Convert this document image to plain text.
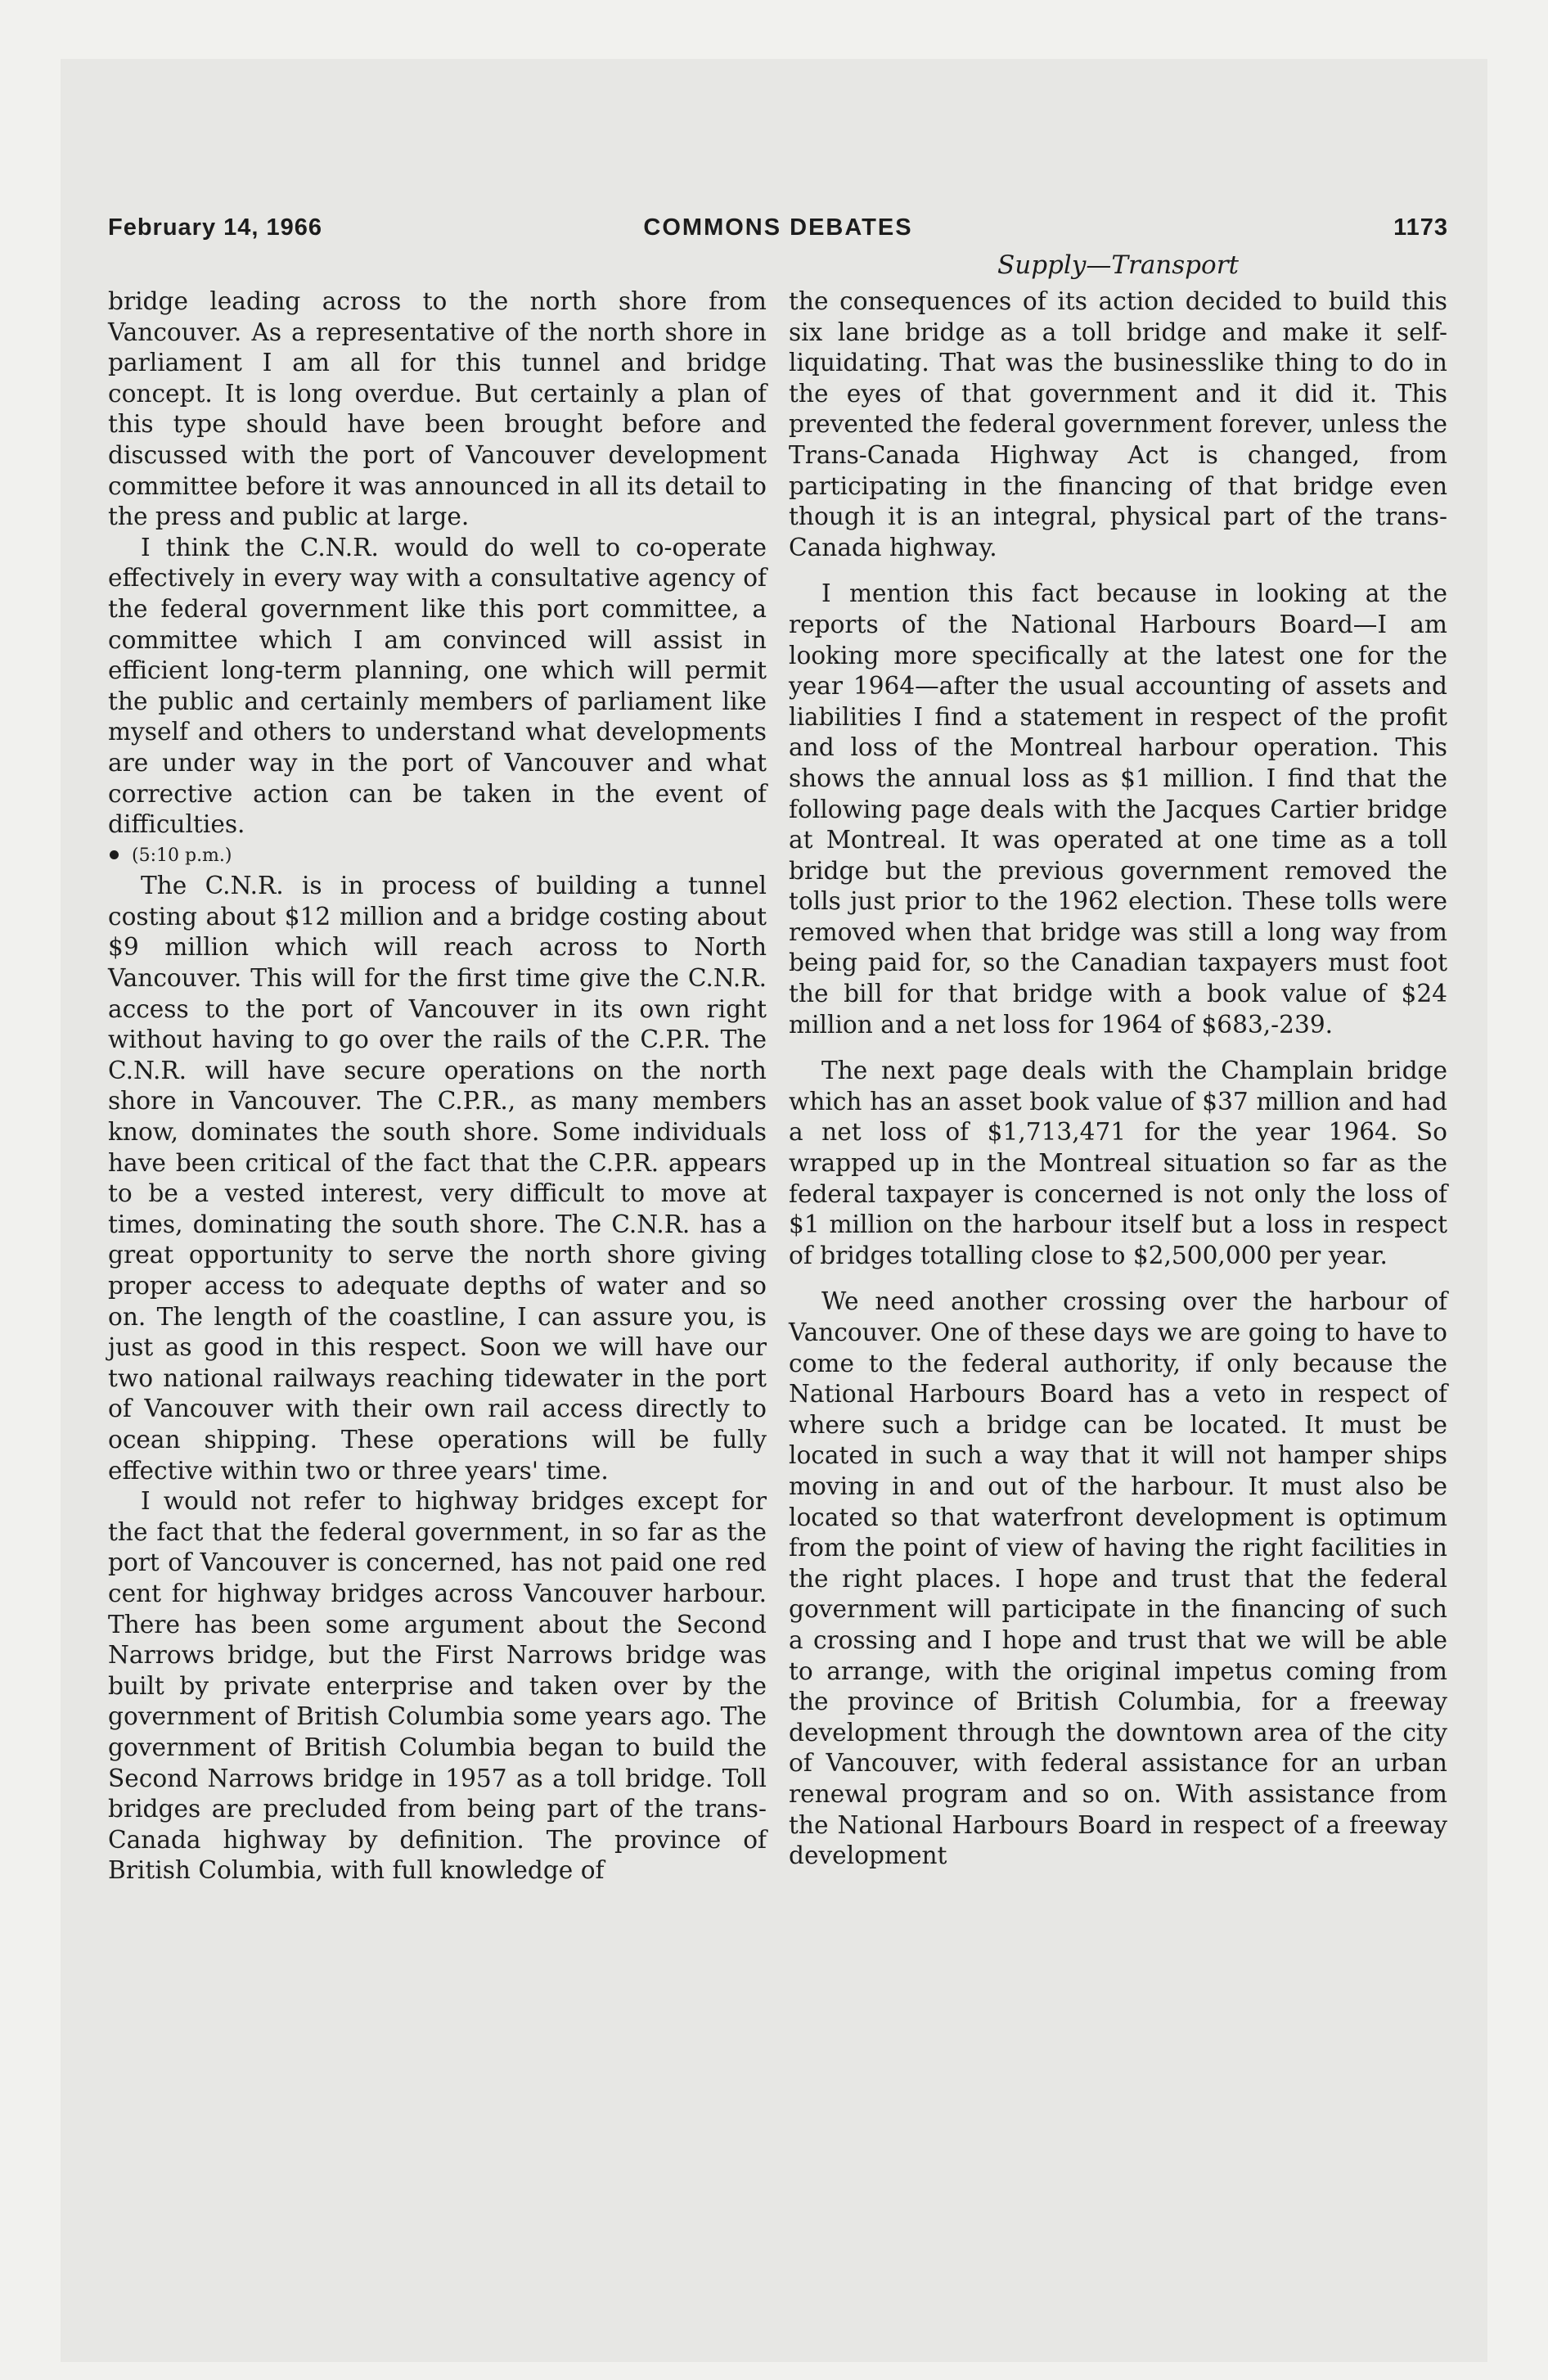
February 14, 1966	COMMONS DEBATES	1173
Supply—Transport

bridge leading across to the north shore from Vancouver. As a representative of the north shore in parliament I am all for this tunnel and bridge concept. It is long overdue. But certainly a plan of this type should have been brought before and discussed with the port of Vancouver development committee before it was announced in all its detail to the press and public at large.

I think the C.N.R. would do well to co-operate effectively in every way with a consultative agency of the federal government like this port committee, a committee which I am convinced will assist in efficient long-term planning, one which will permit the public and certainly members of parliament like myself and others to understand what developments are under way in the port of Vancouver and what corrective action can be taken in the event of difficulties.

(5:10 p.m.)

The C.N.R. is in process of building a tunnel costing about $12 million and a bridge costing about $9 million which will reach across to North Vancouver. This will for the first time give the C.N.R. access to the port of Vancouver in its own right without having to go over the rails of the C.P.R. The C.N.R. will have secure operations on the north shore in Vancouver. The C.P.R., as many members know, dominates the south shore. Some individuals have been critical of the fact that the C.P.R. appears to be a vested interest, very difficult to move at times, dominating the south shore. The C.N.R. has a great opportunity to serve the north shore giving proper access to adequate depths of water and so on. The length of the coastline, I can assure you, is just as good in this respect. Soon we will have our two national railways reaching tidewater in the port of Vancouver with their own rail access directly to ocean shipping. These operations will be fully effective within two or three years' time.

I would not refer to highway bridges except for the fact that the federal government, in so far as the port of Vancouver is concerned, has not paid one red cent for highway bridges across Vancouver harbour. There has been some argument about the Second Narrows bridge, but the First Narrows bridge was built by private enterprise and taken over by the government of British Columbia some years ago. The government of British Columbia began to build the Second Narrows bridge in 1957 as a toll bridge. Toll bridges are precluded from being part of the trans-Canada highway by definition. The province of British Columbia, with full knowledge of

the consequences of its action decided to build this six lane bridge as a toll bridge and make it self-liquidating. That was the businesslike thing to do in the eyes of that government and it did it. This prevented the federal government forever, unless the Trans-Canada Highway Act is changed, from participating in the financing of that bridge even though it is an integral, physical part of the trans-Canada highway.

I mention this fact because in looking at the reports of the National Harbours Board—I am looking more specifically at the latest one for the year 1964—after the usual accounting of assets and liabilities I find a statement in respect of the profit and loss of the Montreal harbour operation. This shows the annual loss as $1 million. I find that the following page deals with the Jacques Cartier bridge at Montreal. It was operated at one time as a toll bridge but the previous government removed the tolls just prior to the 1962 election. These tolls were removed when that bridge was still a long way from being paid for, so the Canadian taxpayers must foot the bill for that bridge with a book value of $24 million and a net loss for 1964 of $683,-239.

The next page deals with the Champlain bridge which has an asset book value of $37 million and had a net loss of $1,713,471 for the year 1964. So wrapped up in the Montreal situation so far as the federal taxpayer is concerned is not only the loss of $1 million on the harbour itself but a loss in respect of bridges totalling close to $2,500,000 per year.

We need another crossing over the harbour of Vancouver. One of these days we are going to have to come to the federal authority, if only because the National Harbours Board has a veto in respect of where such a bridge can be located. It must be located in such a way that it will not hamper ships moving in and out of the harbour. It must also be located so that waterfront development is optimum from the point of view of having the right facilities in the right places. I hope and trust that the federal government will participate in the financing of such a crossing and I hope and trust that we will be able to arrange, with the original impetus coming from the province of British Columbia, for a freeway development through the downtown area of the city of Vancouver, with federal assistance for an urban renewal program and so on. With assistance from the National Harbours Board in respect of a freeway development
